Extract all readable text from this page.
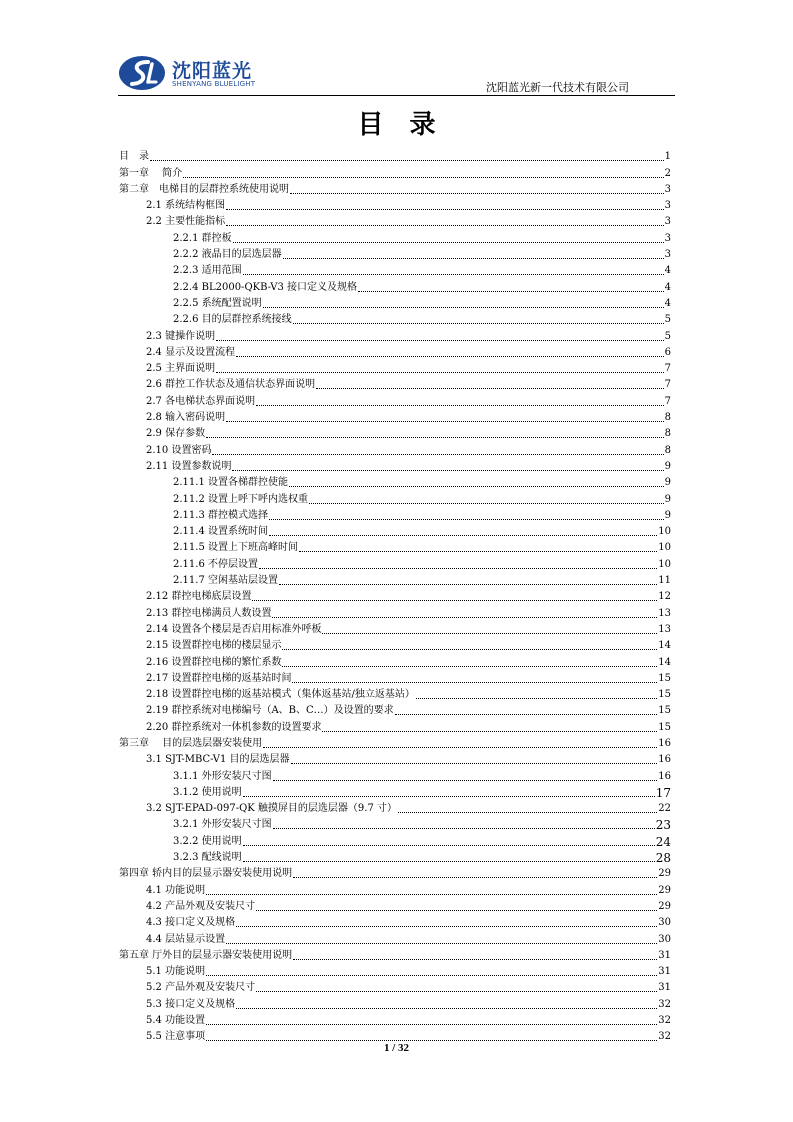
沈阳蓝光
SHENYANG BLUELIGHT	沈阳蓝光新一代技术有限公司
目录
目　录	1
第一章　 简介	2
第二章　电梯目的层群控系统使用说明	3
2.1 系统结构框图	3
2.2 主要性能指标	3
2.2.1 群控板	3
2.2.2 液晶目的层选层器	3
2.2.3 适用范围	4
2.2.4 BL2000-QKB-V3 接口定义及规格	4
2.2.5 系统配置说明	4
2.2.6 目的层群控系统接线	5
2.3 键操作说明	5
2.4 显示及设置流程	6
2.5 主界面说明	7
2.6 群控工作状态及通信状态界面说明	7
2.7 各电梯状态界面说明	7
2.8 输入密码说明	8
2.9 保存参数	8
2.10 设置密码	8
2.11 设置参数说明	9
2.11.1 设置各梯群控使能	9
2.11.2 设置上呼下呼内选权重	9
2.11.3 群控模式选择	9
2.11.4 设置系统时间	10
2.11.5 设置上下班高峰时间	10
2.11.6 不停层设置	10
2.11.7 空闲基站层设置	11
2.12 群控电梯底层设置	12
2.13 群控电梯满员人数设置	13
2.14 设置各个楼层是否启用标准外呼板	13
2.15 设置群控电梯的楼层显示	14
2.16 设置群控电梯的繁忙系数	14
2.17 设置群控电梯的返基站时间	15
2.18 设置群控电梯的返基站模式（集体返基站/独立返基站）	15
2.19 群控系统对电梯编号（A、B、C…）及设置的要求	15
2.20 群控系统对一体机参数的设置要求	15
第三章　 目的层选层器安装使用	16
3.1 SJT-MBC-V1 目的层选层器	16
3.1.1 外形安装尺寸图	16
3.1.2 使用说明	17
3.2 SJT-EPAD-097-QK 触摸屏目的层选层器（9.7 寸）	22
3.2.1 外形安装尺寸图	23
3.2.2 使用说明	24
3.2.3 配线说明	28
第四章 轿内目的层显示器安装使用说明	29
4.1 功能说明	29
4.2 产品外观及安装尺寸	29
4.3 接口定义及规格	30
4.4 层站显示设置	30
第五章 厅外目的层显示器安装使用说明	31
5.1 功能说明	31
5.2 产品外观及安装尺寸	31
5.3 接口定义及规格	32
5.4 功能设置	32
5.5 注意事项	32
1 / 32
